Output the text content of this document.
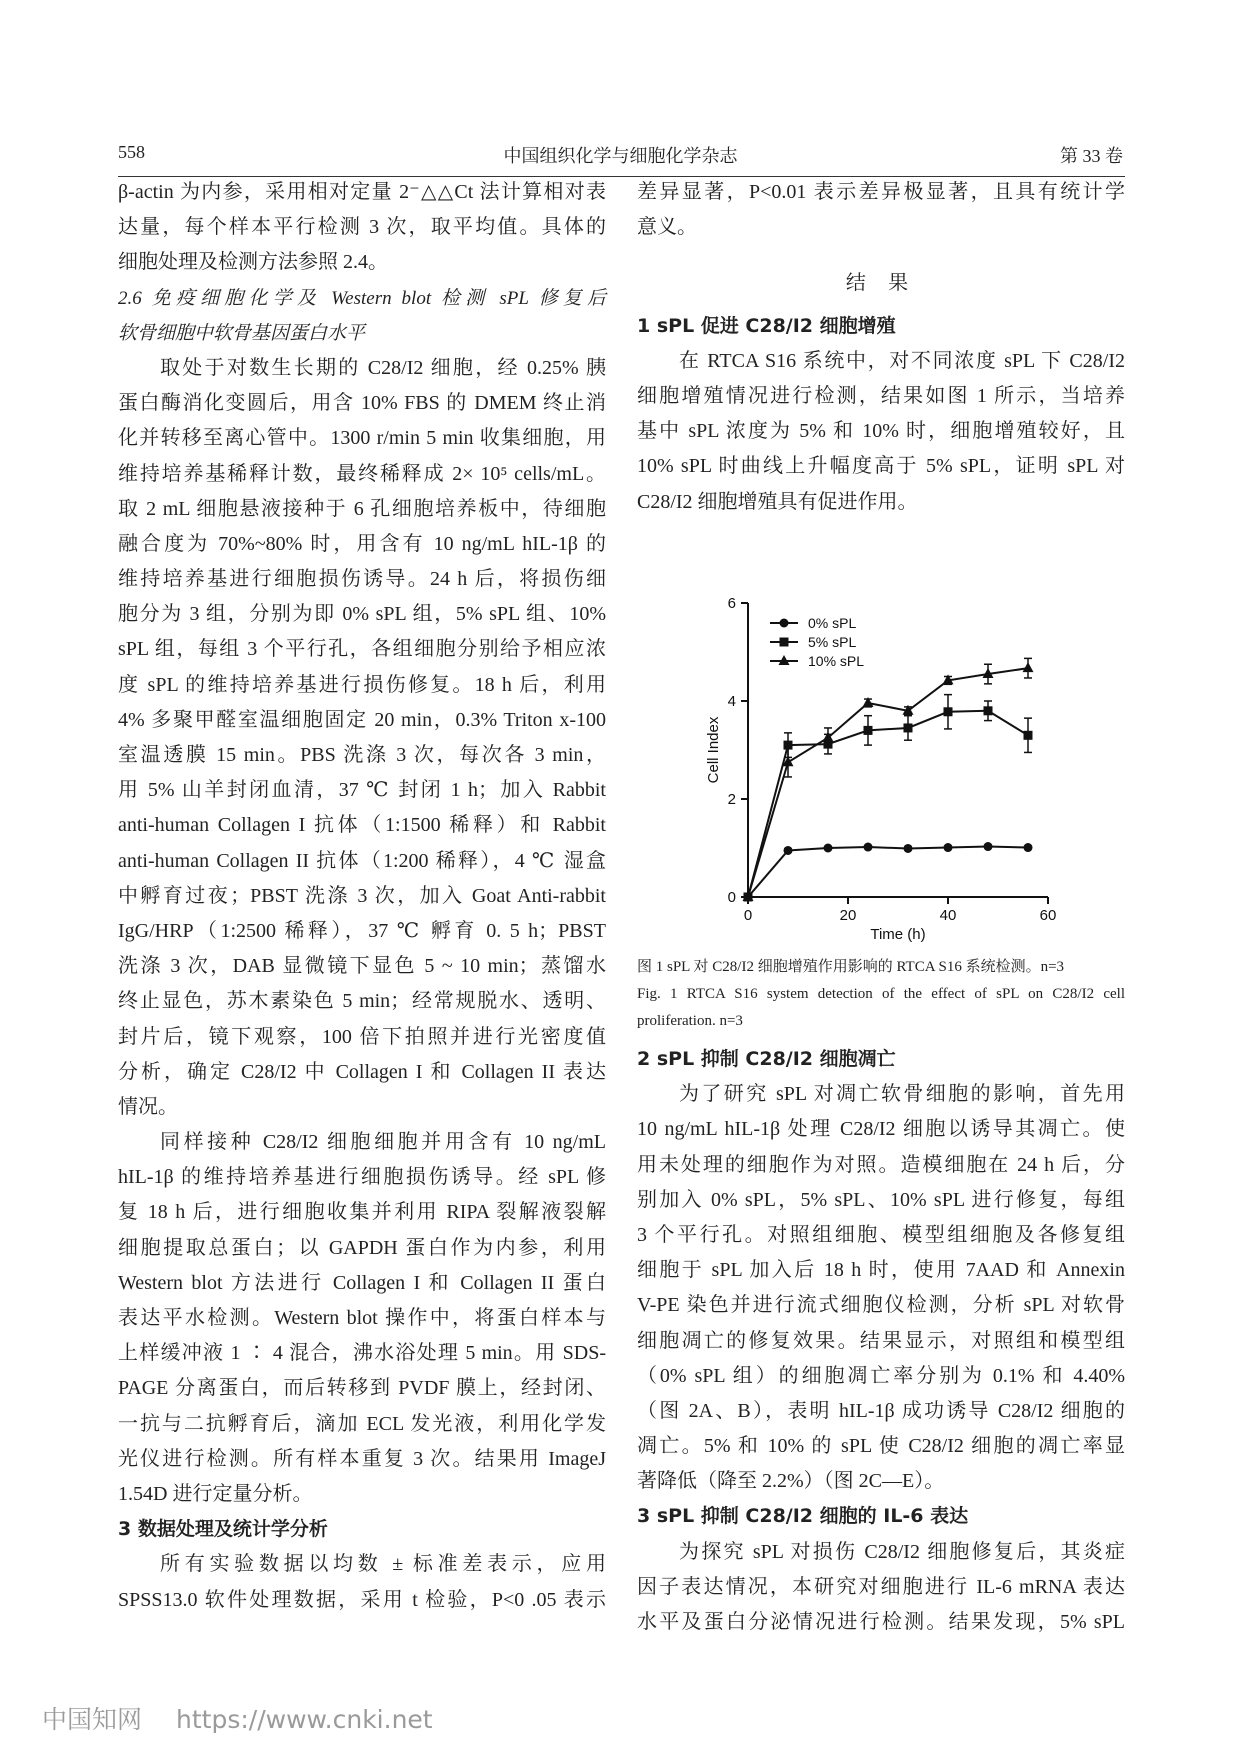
558	中国组织化学与细胞化学杂志	第 33 卷
β-actin 为内参，采用相对定量 2⁻△△Ct 法计算相对表
达量，每个样本平行检测 3 次，取平均值。具体的
细胞处理及检测方法参照 2.4。
2.6 免疫细胞化学及 Western blot 检测 sPL 修复后
软骨细胞中软骨基因蛋白水平
取处于对数生长期的 C28/I2 细胞，经 0.25% 胰
蛋白酶消化变圆后，用含 10% FBS 的 DMEM 终止消
化并转移至离心管中。1300 r/min 5 min 收集细胞，用
维持培养基稀释计数，最终稀释成 2× 10⁵ cells/mL。
取 2 mL 细胞悬液接种于 6 孔细胞培养板中，待细胞
融合度为 70%~80% 时，用含有 10 ng/mL hIL-1β 的
维持培养基进行细胞损伤诱导。24 h 后，将损伤细
胞分为 3 组，分别为即 0% sPL 组，5% sPL 组、10%
sPL 组，每组 3 个平行孔，各组细胞分别给予相应浓
度 sPL 的维持培养基进行损伤修复。18 h 后，利用
4% 多聚甲醛室温细胞固定 20 min，0.3% Triton x-100
室温透膜 15 min。PBS 洗涤 3 次，每次各 3 min，
用 5% 山羊封闭血清，37 ℃ 封闭 1 h；加入 Rabbit
anti-human Collagen I 抗体（1:1500 稀释）和 Rabbit
anti-human Collagen II 抗体（1:200 稀释），4 ℃ 湿盒
中孵育过夜；PBST 洗涤 3 次，加入 Goat Anti-rabbit
IgG/HRP（1:2500 稀释），37 ℃ 孵育 0. 5 h；PBST
洗涤 3 次，DAB 显微镜下显色 5 ~ 10 min；蒸馏水
终止显色，苏木素染色 5 min；经常规脱水、透明、
封片后，镜下观察，100 倍下拍照并进行光密度值
分析，确定 C28/I2 中 Collagen I 和 Collagen II 表达
情况。
同样接种 C28/I2 细胞细胞并用含有 10 ng/mL
hIL-1β 的维持培养基进行细胞损伤诱导。经 sPL 修
复 18 h 后，进行细胞收集并利用 RIPA 裂解液裂解
细胞提取总蛋白；以 GAPDH 蛋白作为内参，利用
Western blot 方法进行 Collagen I 和 Collagen II 蛋白
表达平水检测。Western blot 操作中，将蛋白样本与
上样缓冲液 1 ∶ 4 混合，沸水浴处理 5 min。用 SDS-
PAGE 分离蛋白，而后转移到 PVDF 膜上，经封闭、
一抗与二抗孵育后，滴加 ECL 发光液，利用化学发
光仪进行检测。所有样本重复 3 次。结果用 ImageJ
1.54D 进行定量分析。
3 数据处理及统计学分析
所有实验数据以均数 ± 标准差表示，应用
SPSS13.0 软件处理数据，采用 t 检验，P<0 .05 表示
差异显著，P<0.01 表示差异极显著，且具有统计学
意义。
结 果
1 sPL 促进 C28/I2 细胞增殖
在 RTCA S16 系统中，对不同浓度 sPL 下 C28/I2
细胞增殖情况进行检测，结果如图 1 所示，当培养
基中 sPL 浓度为 5% 和 10% 时，细胞增殖较好，且
10% sPL 时曲线上升幅度高于 5% sPL，证明 sPL 对
C28/I2 细胞增殖具有促进作用。
0	20	40	60
0
2
4
6
Time (h)
Cell Index
0% sPL
5% sPL
10% sPL
图 1 sPL 对 C28/I2 细胞增殖作用影响的 RTCA S16 系统检测。n=3
Fig. 1 RTCA S16 system detection of the effect of sPL on C28/I2 cell
proliferation. n=3
2 sPL 抑制 C28/I2 细胞凋亡
为了研究 sPL 对凋亡软骨细胞的影响，首先用
10 ng/mL hIL-1β 处理 C28/I2 细胞以诱导其凋亡。使
用未处理的细胞作为对照。造模细胞在 24 h 后，分
别加入 0% sPL，5% sPL、10% sPL 进行修复，每组
3 个平行孔。对照组细胞、模型组细胞及各修复组
细胞于 sPL 加入后 18 h 时，使用 7AAD 和 Annexin
V-PE 染色并进行流式细胞仪检测，分析 sPL 对软骨
细胞凋亡的修复效果。结果显示，对照组和模型组
（0% sPL 组）的细胞凋亡率分别为 0.1% 和 4.40%
（图 2A、B），表明 hIL-1β 成功诱导 C28/I2 细胞的
凋亡。5% 和 10% 的 sPL 使 C28/I2 细胞的凋亡率显
著降低（降至 2.2%）（图 2C—E）。
3 sPL 抑制 C28/I2 细胞的 IL-6 表达
为探究 sPL 对损伤 C28/I2 细胞修复后，其炎症
因子表达情况，本研究对细胞进行 IL-6 mRNA 表达
水平及蛋白分泌情况进行检测。结果发现，5% sPL
中国知网 https://www.cnki.net
